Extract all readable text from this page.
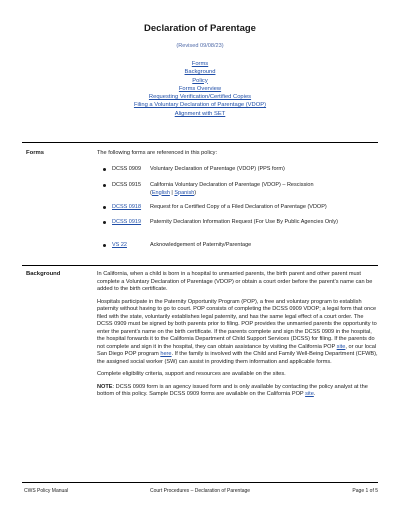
Declaration of Parentage
(Revised 09/08/23)
Forms
Background
Policy
Forms Overview
Requesting Verification/Certified Copies
Filing a Voluntary Declaration of Parentage (VDOP)
Alignment with SET
Forms	The following forms are referenced in this policy:
DCSS 0909 Voluntary Declaration of Parentage (VDOP) (PPS form)
DCSS 0915 California Voluntary Declaration of Parentage (VDOP) – Rescission
(English | Spanish)
DCSS 0918 Request for a Certified Copy of a Filed Declaration of Parentage (VDOP)
DCSS 0919 Paternity Declaration Information Request (For Use By Public Agencies Only)
VS 22	Acknowledgement of Paternity/Parentage
Background	In California, when a child is born in a hospital to unmarried parents, the birth parent and other parent must complete a Voluntary Declaration of Parentage (VDOP) or obtain a court order before the parent’s name can be added to the birth certificate.

Hospitals participate in the Paternity Opportunity Program (POP), a free and voluntary program to establish paternity without having to go to court. POP consists of completing the DCSS 0909 VDOP; a legal form that once filed with the state, voluntarily establishes legal paternity, and has the same legal effect of a court order. The DCSS 0909 must be signed by both parents prior to filing. POP provides the unmarried parents the opportunity to enter the parent’s name on the birth certificate. If the parents complete and sign the DCSS 0909 in the hospital, the hospital forwards it to the California Department of Child Support Services (DCSS) for filing. If the parents do not complete and sign it in the hospital, they can obtain assistance by visiting the California POP site, or our local San Diego POP program here. If the family is involved with the Child and Family Well-Being Department (CFWB), the assigned social worker (SW) can assist in providing them information and applicable forms.

Complete eligibility criteria, support and resources are available on the sites.

NOTE: DCSS 0909 form is an agency issued form and is only available by contacting the policy analyst at the bottom of this policy. Sample DCSS 0909 forms are available on the California POP site.

CWS Policy Manual	Court Procedures – Declaration of Parentage	Page 1 of 5
